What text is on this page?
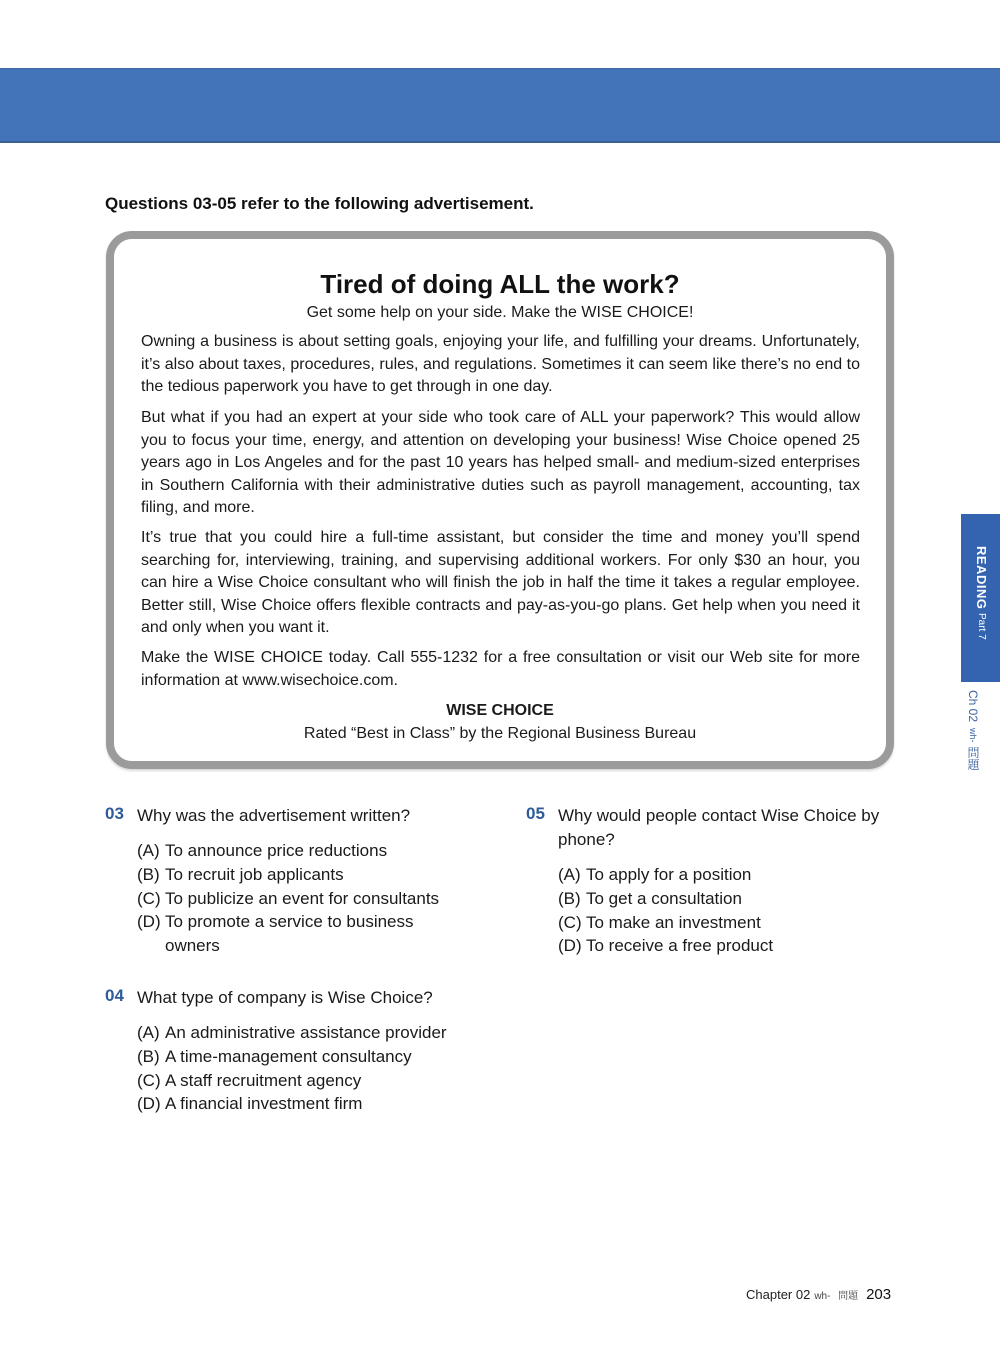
Questions 03-05 refer to the following advertisement.
Tired of doing ALL the work?
Get some help on your side. Make the WISE CHOICE!

Owning a business is about setting goals, enjoying your life, and fulfilling your dreams. Unfortunately, it’s also about taxes, procedures, rules, and regulations. Sometimes it can seem like there’s no end to the tedious paperwork you have to get through in one day.

But what if you had an expert at your side who took care of ALL your paperwork? This would allow you to focus your time, energy, and attention on developing your business! Wise Choice opened 25 years ago in Los Angeles and for the past 10 years has helped small- and medium-sized enterprises in Southern California with their administrative duties such as payroll management, accounting, tax filing, and more.

It’s true that you could hire a full-time assistant, but consider the time and money you’ll spend searching for, interviewing, training, and supervising additional workers. For only $30 an hour, you can hire a Wise Choice consultant who will finish the job in half the time it takes a regular employee. Better still, Wise Choice offers flexible contracts and pay-as-you-go plans. Get help when you need it and only when you want it.

Make the WISE CHOICE today. Call 555-1232 for a free consultation or visit our Web site for more information at www.wisechoice.com.

WISE CHOICE
Rated “Best in Class” by the Regional Business Bureau
03 Why was the advertisement written?
(A) To announce price reductions
(B) To recruit job applicants
(C) To publicize an event for consultants
(D) To promote a service to business owners
04 What type of company is Wise Choice?
(A) An administrative assistance provider
(B) A time-management consultancy
(C) A staff recruitment agency
(D) A financial investment firm
05 Why would people contact Wise Choice by phone?
(A) To apply for a position
(B) To get a consultation
(C) To make an investment
(D) To receive a free product
READINGPart 7
Ch 02wh-問題
Chapter 02 wh- 問題 203
